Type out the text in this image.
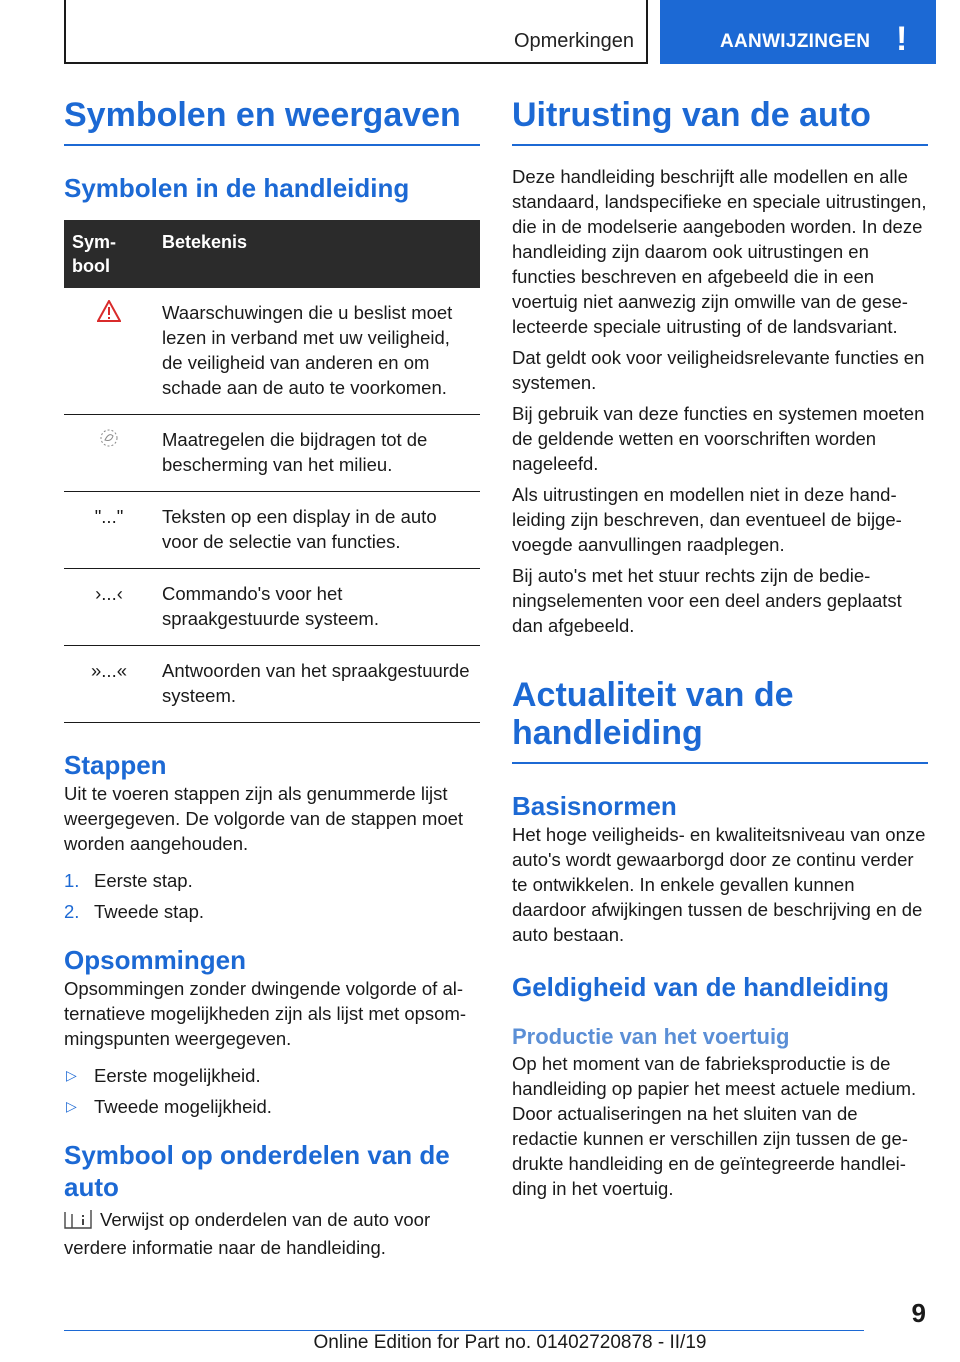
Opmerkingen	AANWIJZINGEN !
Symbolen en weergaven
Symbolen in de handleiding
Sym-
bool	Betekenis
	Waarschuwingen die u beslist moet lezen in verband met uw veiligheid, de veiligheid van anderen en om schade aan de auto te voorkomen.
	Maatregelen die bijdragen tot de bescherming van het milieu.
"..."	Teksten op een display in de auto voor de selectie van functies.
›...‹	Commando's voor het spraakgestuurde systeem.
»...«	Antwoorden van het spraakgestuurde systeem.
Stappen

Uit te voeren stappen zijn als genummerde lijst weergegeven. De volgorde van de stappen moet worden aangehouden.

1. Eerste stap.
2. Tweede stap.
Opsommingen

Opsommingen zonder dwingende volgorde of alternatieve mogelijkheden zijn als lijst met opsommingspunten weergegeven.

▷ Eerste mogelijkheid.
▷ Tweede mogelijkheid.
Symbool op onderdelen van de auto

Verwijst op onderdelen van de auto voor verdere informatie naar de handleiding.

Uitrusting van de auto

Deze handleiding beschrijft alle modellen en alle standaard, landspecifieke en speciale uitrustingen, die in de modelserie aangeboden worden. In deze handleiding zijn daarom ook uitrustingen en functies beschreven en afgebeeld die in een voertuig niet aanwezig zijn omwille van de geselecteerde speciale uitrusting of de landsvariant.

Dat geldt ook voor veiligheidsrelevante functies en systemen.

Bij gebruik van deze functies en systemen moeten de geldende wetten en voorschriften worden nageleefd.

Als uitrustingen en modellen niet in deze handleiding zijn beschreven, dan eventueel de bijgevoegde aanvullingen raadplegen.

Bij auto's met het stuur rechts zijn de bedieningselementen voor een deel anders geplaatst dan afgebeeld.

Actualiteit van de handleiding
Basisnormen

Het hoge veiligheids- en kwaliteitsniveau van onze auto's wordt gewaarborgd door ze continu verder te ontwikkelen. In enkele gevallen kunnen daardoor afwijkingen tussen de beschrijving en de auto bestaan.

Geldigheid van de handleiding
Productie van het voertuig

Op het moment van de fabrieksproductie is de handleiding op papier het meest actuele medium. Door actualiseringen na het sluiten van de redactie kunnen er verschillen zijn tussen de gedrukte handleiding en de geïntegreerde handleiding in het voertuig.

9
Online Edition for Part no. 01402720878 - II/19
